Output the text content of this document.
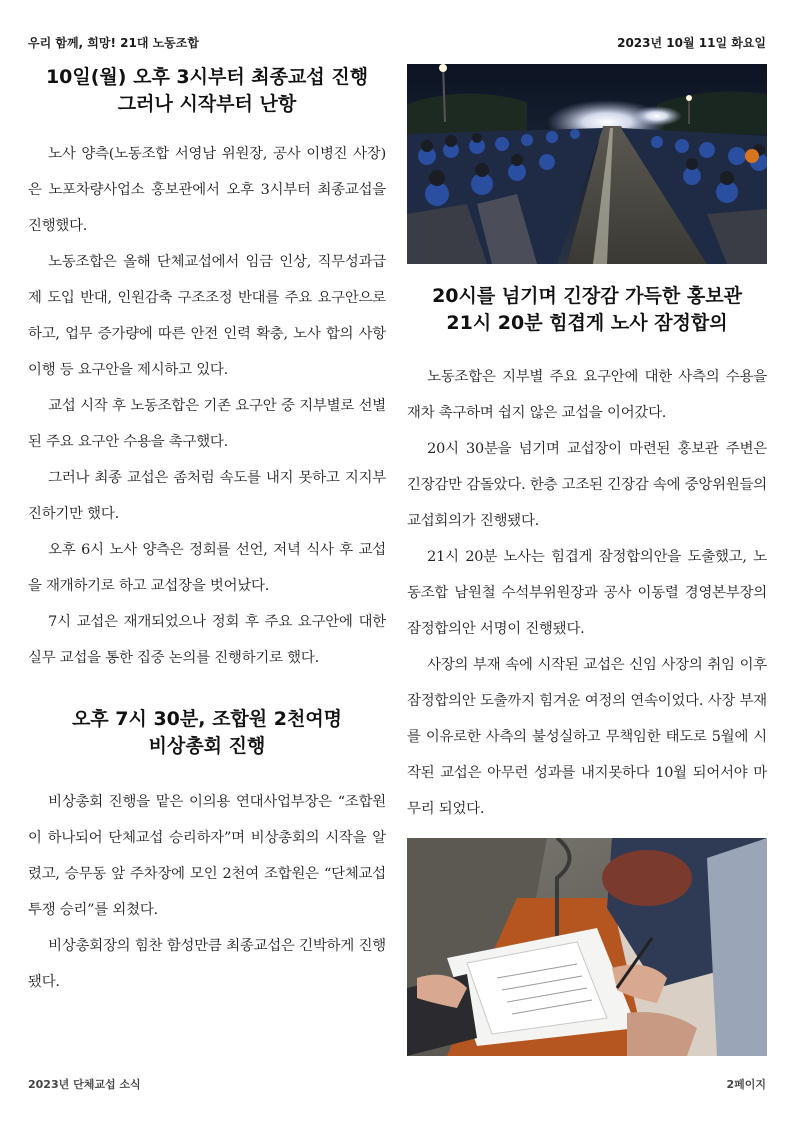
우리 함께, 희망! 21대 노동조합	2023년 10월 11일 화요일
10일(월) 오후 3시부터 최종교섭 진행
그러나 시작부터 난항

노사 양측(노동조합 서영남 위원장, 공사 이병진 사장)은 노포차량사업소 홍보관에서 오후 3시부터 최종교섭을 진행했다.

노동조합은 올해 단체교섭에서 임금 인상, 직무성과급제 도입 반대, 인원감축 구조조정 반대를 주요 요구안으로 하고, 업무 증가량에 따른 안전 인력 확충, 노사 합의 사항 이행 등 요구안을 제시하고 있다.

교섭 시작 후 노동조합은 기존 요구안 중 지부별로 선별된 주요 요구안 수용을 촉구했다.

그러나 최종 교섭은 좀처럼 속도를 내지 못하고 지지부진하기만 했다.

오후 6시 노사 양측은 정회를 선언, 저녁 식사 후 교섭을 재개하기로 하고 교섭장을 벗어났다.

7시 교섭은 재개되었으나 정회 후 주요 요구안에 대한 실무 교섭을 통한 집중 논의를 진행하기로 했다.

오후 7시 30분, 조합원 2천여명
비상총회 진행

비상총회 진행을 맡은 이의용 연대사업부장은 “조합원이 하나되어 단체교섭 승리하자”며 비상총회의 시작을 알렸고, 승무동 앞 주차장에 모인 2천여 조합원은 “단체교섭 투쟁 승리”를 외쳤다.

비상총회장의 힘찬 함성만큼 최종교섭은 긴박하게 진행됐다.

20시를 넘기며 긴장감 가득한 홍보관
21시 20분 힘겹게 노사 잠정합의

노동조합은 지부별 주요 요구안에 대한 사측의 수용을 재차 촉구하며 쉽지 않은 교섭을 이어갔다.

20시 30분을 넘기며 교섭장이 마련된 홍보관 주변은 긴장감만 감돌았다. 한층 고조된 긴장감 속에 중앙위원들의 교섭회의가 진행됐다.

21시 20분 노사는 힘겹게 잠정합의안을 도출했고, 노동조합 남원철 수석부위원장과 공사 이동렬 경영본부장의 잠정합의안 서명이 진행됐다.

사장의 부재 속에 시작된 교섭은 신임 사장의 취임 이후 잠정합의안 도출까지 힘겨운 여정의 연속이었다. 사장 부재를 이유로한 사측의 불성실하고 무책임한 태도로 5월에 시작된 교섭은 아무런 성과를 내지못하다 10월 되어서야 마무리 되었다.

2023년 단체교섭 소식	2페이지
